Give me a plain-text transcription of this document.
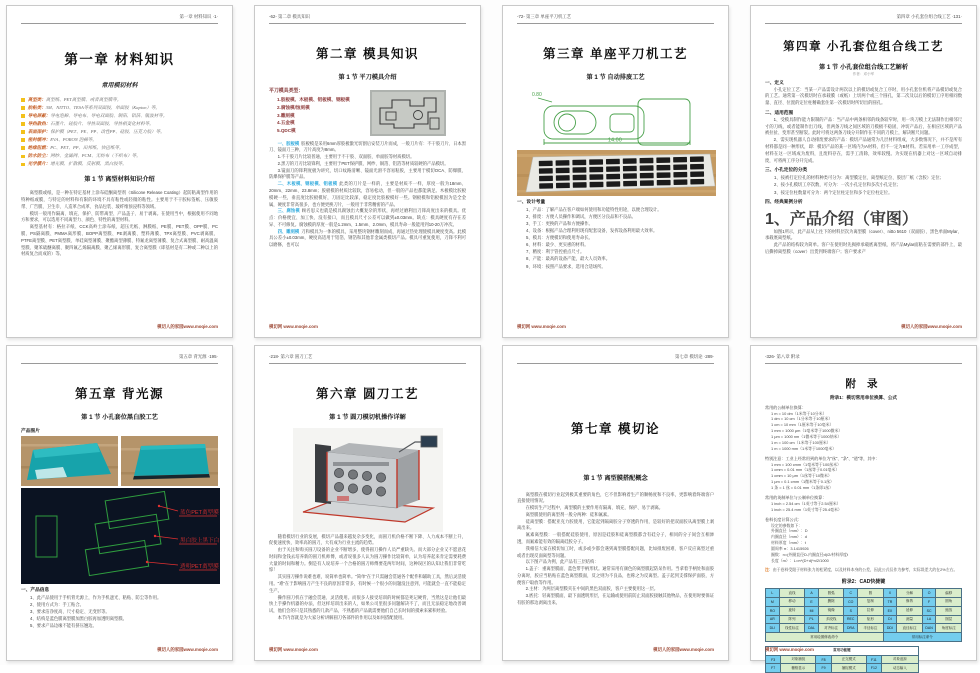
第一章 材料知识 ·1·
第一章 材料知识
常用模切材料
离型类： 离型纸、PET离型膜、或者离型膜等。
胶粘类： 3M、NITTO、TESA等系列双面胶、单面胶（Kapton）等。
导电屏蔽： 导电泡棉、导电布、导电双面胶、铜箔、铝箔、吸波材等。
导热散热： 石墨片、硅胶片、导热双面胶、导热相变化材料等。
表面保护： 保护膜（PET、PE、PP、改性PP、硅胶、压克力胶）等。
密封缓冲： EVA、PORON 泡棉等。
绝缘阻燃： PC、PET、PP、田邦纸、快巴纸等。
防水防尘： 网纱、金属网、PCM、无纺布（不织布）等。
光学膜片： 增光膜、扩散膜、反射膜、黑白胶等。
第 1 节 离型材料知识介绍

离型膜或纸，是一种在特定基材上涂布硅酮离型剂（Silicone Release Coating）起防粘离型作用的特种纸或膜，与特定的材料和有限的环境不具有粘性或轻微的粘性。主要用于不干胶标签纸、压敏胶带、广告膜、卫生巾、人造革合成革、食品包装、玻纤维预浸料等领域。

模切一般用作隔离、填充、保护、防带离型、产品盖子、易于剥离。在使用当中，根据使用不同地方和要求，可以选用不同离型力、颜色、特性的离型材料。

离型基材有：格拉辛纸、CCK高岭土涂布纸、超压光纸、淋膜纸、PE膜、PET膜、OPP膜、PC膜、PS隔离膜、PMMA离形膜、BOPP离型膜、PE剥离膜、塑料薄膜、TPX离型膜、PVC剥离膜、PTFE离型膜、PET离型膜、单硅离型薄膜、聚酯离型薄膜、特氟龙离型薄膜、复合式离型膜、耐高温离型膜、聚苯硫醚离膜、聚四氟乙烯隔离膜、聚乙烯离形膜、复合离型膜（即基材是有二种或二种以上的材质复合而成的）等。

模切人的家园www.moqie.com
-62- 第二章 模具知识
第二章 模具知识
第 1 节 平刀模具介绍
平刀模具类型：
1.胶板模、木板模、铝板模、钢板模
2.腐蚀模/蚀刻模
3.雕刻模
4.五金模
5.QDC模

一、胶板模 胶板模是采用6mm厚胶板激光切割后安装刀片而成，一般刀片有：不干胶刀片、日本黑刀、镜面刀三种，刀片高度为8mm。

1.不干胶刀片比较普通，主要用于不干胶、双面胶、单面胶等材质模切。

2.黑刀的刀刃比较锋利，主要用于PET保护膜、网纱、铜箔、铝箔等材质较硬的产品模切。

3.镜面刀的锋利度极为讲究，切口纹路清晰、镜面光滑不容易粘胶，主要用于模切OCA、防爆膜、防爆保护膜等产品。

二、木板模、钢板模、铝板模 此类的刀片是一样的，主要是材质不一样，厚度一般为18mm、20mm、22mm、23.8mm；胶板模的材质比较软，容易松动，但一般的产品也都能满足。木板模比胶板模硬一些，垂直度比胶板模好，刀固定比较深，稳定度比胶板模好一些。钢板模和铝板模因为是全金属，硬度非常高很多，也方便更换刀片，一般用于非常精密的产品。

三、腐蚀模 顾名思义也就是模具腐蚀出大概复杂的形状，再经过磨利出刀锋高度出来的模具。优点：价格便宜、加工快、没有接口，而且模具尺寸公差可以做到±0.03mm。缺点：模具硬度有存在差异、不可修复。腐蚀模的厚度一般是1.2mm、1.5mm、2.0mm，模具寿命一般能用到10-20万冲次。

四、雕刻模 刀和模具为一体的模具，采用整块钢材雕刻而成，再通过热处理使模具硬度变高。此模具公差小±0.03mm，硬度高适用于铝箔、钢箔和其他非金属类模切产品。模具可重复使用，刀锋不利可以磨修，也可以

模切网 www.moqie.com
-72- 第三章 单座平刀机工艺
第三章 单座平刀机工艺
第 1 节 自动排废工艺
0.80
14.00
一、设计考量
1、产品：了解产品在客户端如何使用和功能特性用途，以便合理设计。
2、排废：方便人员操作和调试，方便区分良品和不良品。
3、手工：更换的产品和方便操作。
4、设备：根据产品合理利用现有配套设备，发挥设备利用最大效率。
5、模具：方便模切和使用寿命长。
6、材料：最少、更实惠的材料。
7、精度：利于管控重点尺寸。
8、产能：最高的设备产能，最大人员效率。
9、环境：按照产品要求，选用合适场所。
模切网 www.moqie.com
第四章 小孔套位组合线工艺 ·131·
第四章 小孔套位组合线工艺
第 1 节 小孔套位组合线工艺解析
作者：邓小军
一、定义

小孔定位工艺：当某一产品需设计两次以上的模切或复合工序时，用小孔套位机将产品模切或复合的工艺。通常第一次模切时在承载膜（或纸）上切两个或三个圆孔，第二次及以后的模切工序用相同数量、直径、位置的定位柱精确套住第一次模切时所切出的圆孔。

二、适用范围

1、受模具制作能力限制的产品：当产品中两条相邻的线条较窄时，用一块刀模上无法制作出相邻尺寸的刀线，或者能制作出刀线，但两条刀线之间区域的刀模极不稳固，冲切产品后，在相应区域的产品被拉扯、变形甚至断裂。此时可将这两条刀线分开制作在不同的刀模上，解决断尺问题。

2、需实现机器人自动排废要求的产品：模切产品通常为几层材料组成，大多数情况下，并不是所有材料都是同一种形状，即：模切产品的某一区域内为A材料，但不一定为B材料。若采用单一工序成型，材料在这一区域成为废料，且废料存在，需手工清除，效率较慢。为实现在机器上对这一区域自动排废，可将两工序分开完成。

三、小孔定位的分类
1、按被打定位孔的材料种类可分为：离型膜定位、离型纸定位、胶层厂纸（含胶）定位；
2、按小孔模切工序次数，可分为：一次小孔定位和多次小孔定位；
3、按定位柱数量可分为：两个定位柱定位和多个定位柱定位。
四、经典案例分析
1、产品介绍（审图）

如图1所示，此产品从上往下的材料层次为离型膜（cover）、nitto 5610（双面胶）、黑色单面Mylar、承载底离型纸。

此产品的结构较为简单。客户在使用时先揭掉承载底离型纸，将产品Mylar面粘在需要的部件上，最后撕掉离型膜（cover）出货到终端客户；客户要求产

模切人的家园www.moqie.com
第五章 背光源 ·195·
第五章 背光源
第 1 节 小孔套位黑白胶工艺
产品图片
蓝色PET离型膜
黑白胶上黑下白
透明PET离型膜
一、产品信息
1、此产品使用于手机背光源上，作为手机遮光、粘贴、防尘等作用。
2、使用方式为：手工贴合。
3、要求洁净度高、尺寸稳定、无变形等。
4、结构是蓝色膜离型膜加黑白胶再加透明离型膜。
5、要求产品边缘不能有挤压翘边。
模切人的家园www.moqie.com
-218- 第六章 圆刀工艺
第六章 圆刀工艺
第 1 节 圆刀模切机操作详解
随着模切行业的发展，模切产品越来越复杂多变化，而圆刀机价格不断下降、人力成本不断上升，促使速度快、效率高的圆刀，大有成为行业主流的趋势。
由于关注和购买圆刀设备的企业不断增多，使得圆刀操作人员严重缺失。而大部分企业又不愿意花时间和金钱去培养新的圆刀机师傅，或者说很多人认为圆刀操作比较简单，认为培养起来肯定需要耗费大量的时间和精力。倒是有人说培养一个合格的圆刀师傅要花两年时间，这种误区的认知让我们非常吃惊！
其实圆刀操作说难也难，说简单也简单。“简单”在于只需融会贯通各个配件和辅助工具，然后灵活使用。“难”在于影响圆刀产生不良的原因非常多，有时候一个很小的问题没注意到，可能就会一直不能稳定生产。
操作圆刀机在于融会贯通、灵活使用。而很多人接受培训的时候都是死记硬背，当然这是让他们最快上手操作机器的办法，但这样培训出来的人，如果公司里很多问题解决不了，而且无法稳定地改善调试，他们会的只是其熟悉的几款产品，不熟悉的产品就需要他们自己长时间的摸索来累积经验。
本节内容就是为大家分析讲解圆刀各部件的作用以及如何搭配使用。
模切网 www.moqie.com
第七章 模切论 ·289·
第七章 模切论
第 1 节 离型膜搭配概念
离型膜在模切行业起到极其重要的角色，它不但影响着生产的顺畅度和不良率，更影响着终端客户直接使用情况。
在模切生产过程中，离型膜的主要作用有隔离、填充、保护、易于剥离。
离型膜使用的离型剂一般分两种：硅和氟素。
硅离型膜：搭配亚克力胶使用，它能起到隔离胶分子穿透的作用，是较好的把双面胶从离型膜上剥离出来。
氟素离型膜：一般搭配硅胶使用，原因是硅胶和硅离型膜都含有硅分子，相同的分子间会互相渗透，而氟素能有效的隔离硅胶分子。
我相信大家在模切加工时，或多或少都会遇到离型膜搭配问题，比如排废困难、客户反应离型过重或者出现反面离型等问题。
以下图产品为例，此产品有三层结构：
1.盖子：重离型膜面、蓝色带手柄形状。通常采用有颜色的离型膜起防呆作用。当拿着手柄处和面胶分离时，胶应当粘贴在蓝色离型膜面，反之则为不良品，也称之为反离型。盖子起到支撑保护面胶，方便客户取放等作用。
2.主材：为两层离型膜夹在中间的黑色双面胶，客户主要使用这一层。
3.底托：轻离型膜面，最下面透明形层，在运输或使用前防止双面胶接触其他物品，在使用时要保证有胶的那边剥离出来。
模切人的家园www.moqie.com
-326- 第八章 附录
附 录
附录1：模切常用单位换算、公式
常用的公制单位换算：
1 m = 10 dm（1米等于10分米）
1 dm = 10 cm（1分米等于10厘米）
1 cm = 10 mm（1厘米等于10毫米）
1 mm = 1000 μm（1毫米等于1000微米）
1 μm = 1000 nm（1微米等于1000纳米）
1 m = 100 cm（1米等于100厘米）
1 m = 1000 mm（1米等于1000毫米）
特别注意：工业上经常用到的单位为“丝”、“条”、“道”等，其中：
1 mm = 100 cmm（1毫米等于100丝米）
1 cmm = 0.01 mm（1丝等于0.01毫米）
1 cmm = 10 μm（1丝等于10微米）
1 μm = 0.1 cmm（1微米等于0.1丝）
1 条 = 1 丝 = 0.01 mm（1条即1丝）
常用的英制单位与公制单位换算：
1 inch = 2.54 cm（1英寸等于2.54厘米）
1 inch = 25.4 mm（1英寸等于25.4毫米）
卷料长度计算公式：
设定的参数如下：
外圈直径（mm）：D
内圈直径（mm）：d
材料厚度（mm）：t
圆周率 π：3.1415926
圈数：n=(外圈直径D-内圈直径d)/2/材料厚度t
长度（m）：L=π*(D+d)*n/2/1000
注：由于卷料受限于材料张力的松紧度，以及材料本身的公差，因此公式仅作为参考，实际误差大约在2%左右。
附录2：CAD快捷键
L	直线	A	圆弧	C	圆	X	分解	O	偏移
M	移动	E	删除	CO	复制	TR	修剪	F	圆角
RO	旋转	MI	镜像	S	拉伸	EX	延伸	SC	缩放
AR	阵列	PL	多段线	REC	矩形	DI	测量	LA	图层
DLI	线性标注	DAL	对齐标注	DRA	半径标注	DDI	直径标注	DAN	角度标注
常用绘图修改命令						常用标注命令			
常用功能键					
F3	对象捕捉	F8	正交模式	F11	对象追踪
F7	栅格显示	F9	捕捉模式	F12	动态输入
模切网 www.moqie.com
